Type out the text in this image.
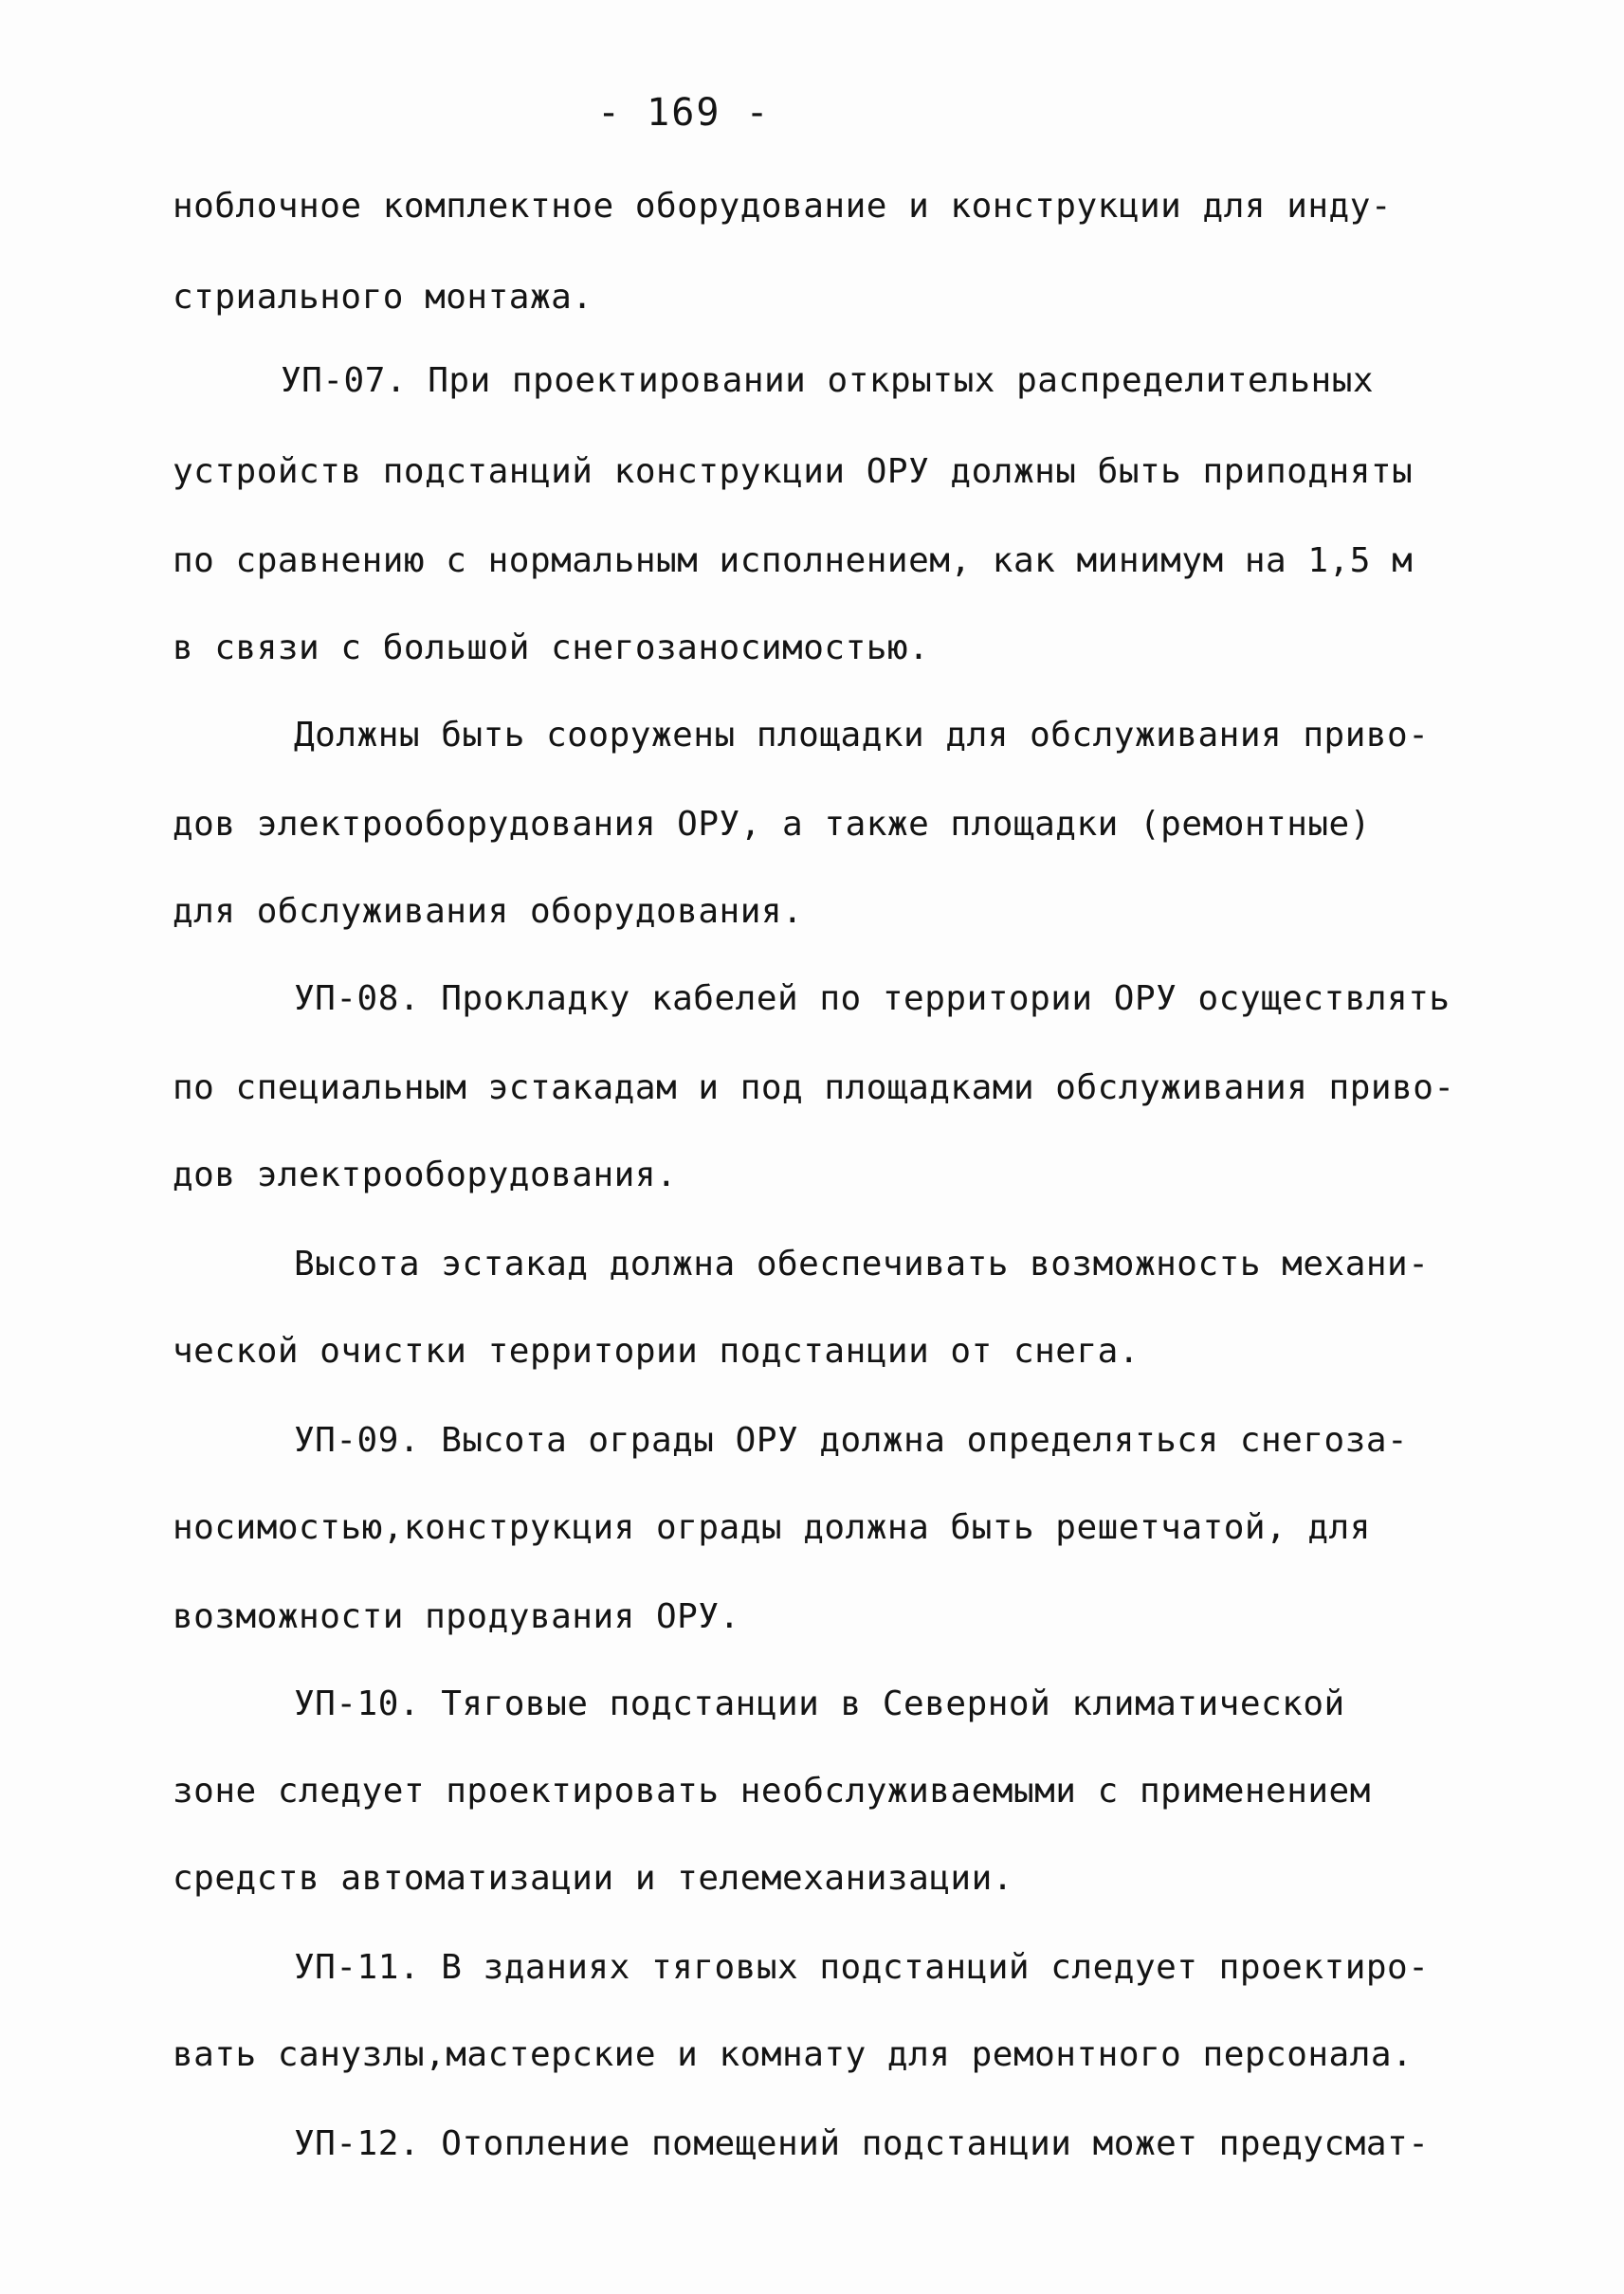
- 169 -
ноблочное комплектное оборудование и конструкции для инду-
стриального монтажа.
УП-07. При проектировании открытых распределительных
устройств подстанций конструкции ОРУ должны быть приподняты
по сравнению с нормальным исполнением, как минимум на 1,5 м
в связи с большой снегозаносимостью.
Должны быть сооружены площадки для обслуживания приво-
дов электрооборудования ОРУ, а также площадки (ремонтные)
для обслуживания оборудования.
УП-08. Прокладку кабелей по территории ОРУ осуществлять
по специальным эстакадам и под площадками обслуживания приво-
дов электрооборудования.
Высота эстакад должна обеспечивать возможность механи-
ческой очистки территории подстанции от снега.
УП-09. Высота ограды ОРУ должна определяться снегоза-
носимостью,конструкция ограды должна быть решетчатой, для
возможности продувания ОРУ.
УП-10. Тяговые подстанции в Северной климатической
зоне следует проектировать необслуживаемыми с применением
средств автоматизации и телемеханизации.
УП-11. В зданиях тяговых подстанций следует проектиро-
вать санузлы,мастерские и комнату для ремонтного персонала.
УП-12. Отопление помещений подстанции может предусмат-
